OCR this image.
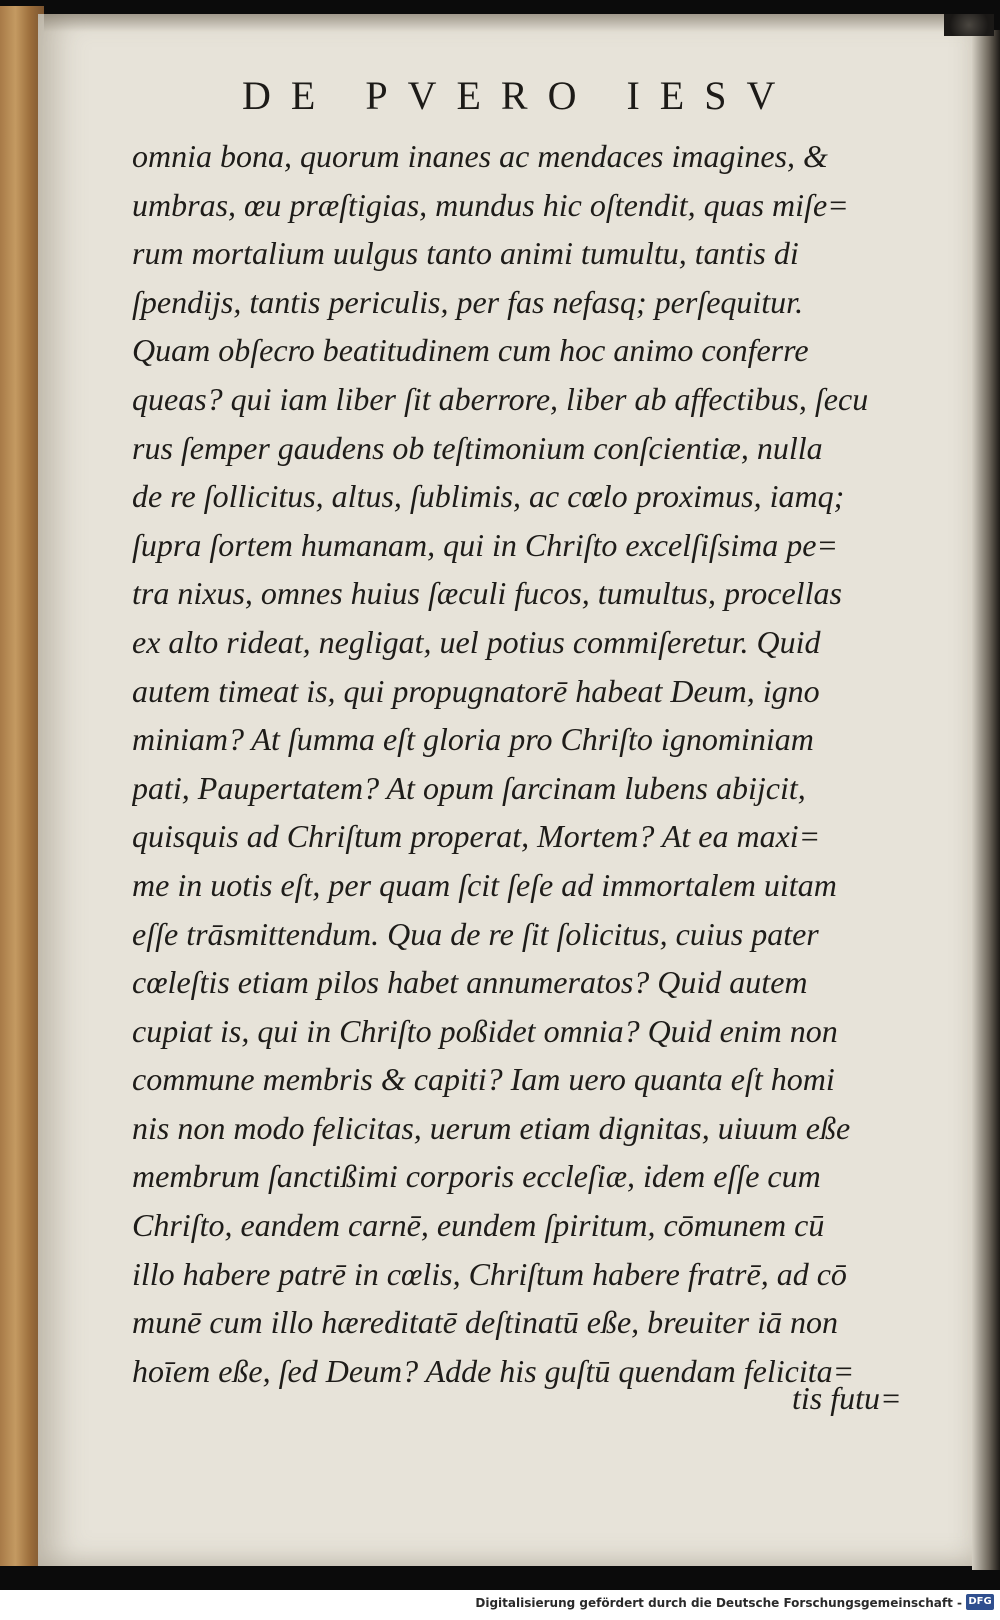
DE PVERO IESV
omnia bona, quorum inanes ac mendaces imagines, &
umbras, œu præſtigias, mundus hic oſtendit, quas miſe=
rum mortalium uulgus tanto animi tumultu, tantis di
ſpendijs, tantis periculis, per fas nefasq; perſequitur.
Quam obſecro beatitudinem cum hoc animo conferre
queas? qui iam liber ſit aberrore, liber ab affectibus, ſecu
rus ſemper gaudens ob teſtimonium conſcientiæ, nulla
de re ſollicitus, altus, ſublimis, ac cœlo proximus, iamq;
ſupra ſortem humanam, qui in Chriſto excelſiſsima pe=
tra nixus, omnes huius ſæculi fucos, tumultus, procellas
ex alto rideat, negligat, uel potius commiſeretur. Quid
autem timeat is, qui propugnatorē habeat Deum, igno
miniam? At ſumma eſt gloria pro Chriſto ignominiam
pati, Paupertatem? At opum ſarcinam lubens abijcit,
quisquis ad Chriſtum properat, Mortem? At ea maxi=
me in uotis eſt, per quam ſcit ſeſe ad immortalem uitam
eſſe trāsmittendum. Qua de re ſit ſolicitus, cuius pater
cœleſtis etiam pilos habet annumeratos? Quid autem
cupiat is, qui in Chriſto poßidet omnia? Quid enim non
commune membris & capiti? Iam uero quanta eſt homi
nis non modo felicitas, uerum etiam dignitas, uiuum eße
membrum ſanctißimi corporis eccleſiæ, idem eſſe cum
Chriſto, eandem carnē, eundem ſpiritum, cōmunem cū
illo habere patrē in cœlis, Chriſtum habere fratrē, ad cō
munē cum illo hæreditatē deſtinatū eße, breuiter iā non
hoīem eße, ſed Deum? Adde his guſtū quendam felicita=
tis futu=
Digitalisierung gefördert durch die Deutsche Forschungsgemeinschaft - DFG
